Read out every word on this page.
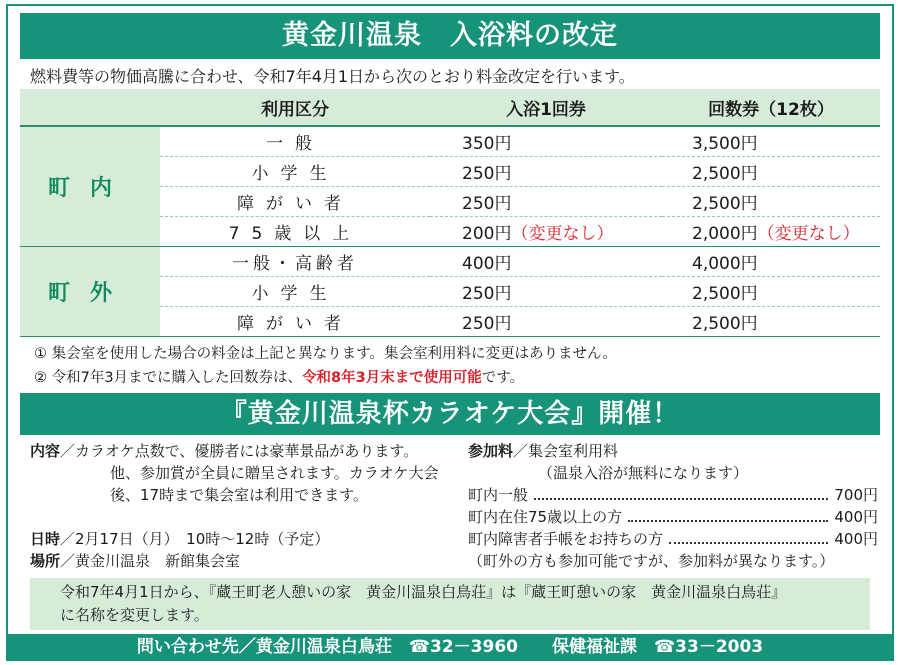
黄金川温泉　入浴料の改定
燃料費等の物価高騰に合わせ、令和7年4月1日から次のとおり料金改定を行います。
	利用区分	入浴1回券	回数券（12枚）
町内	一般	350円	3,500円
	小学生	250円	2,500円
	障がい者	250円	2,500円
	75歳以上	200円（変更なし）	2,000円（変更なし）
町外	一般・高齢者	400円	4,000円
	小学生	250円	2,500円
	障がい者	250円	2,500円
① 集会室を使用した場合の料金は上記と異なります。集会室利用料に変更はありません。
② 令和7年3月までに購入した回数券は、令和8年3月末まで使用可能です。
『黄金川温泉杯カラオケ大会』開催！
内容／カラオケ点数で、優勝者には豪華景品があります。
他、参加賞が全員に贈呈されます。カラオケ大会
後、17時まで集会室は利用できます。
日時／2月17日（月）　10時～12時（予定）
場所／黄金川温泉　新館集会室
参加料／集会室利用料
（温泉入浴が無料になります）
町内一般	700円
町内在住75歳以上の方	400円
町内障害者手帳をお持ちの方	400円
（町外の方も参加可能ですが、参加料が異なります。）
令和7年4月1日から、『蔵王町老人憩いの家　黄金川温泉白鳥荘』は『蔵王町憩いの家　黄金川温泉白鳥荘』
に名称を変更します。
問い合わせ先／黄金川温泉白鳥荘　☎32－3960　　保健福祉課　☎33－2003
